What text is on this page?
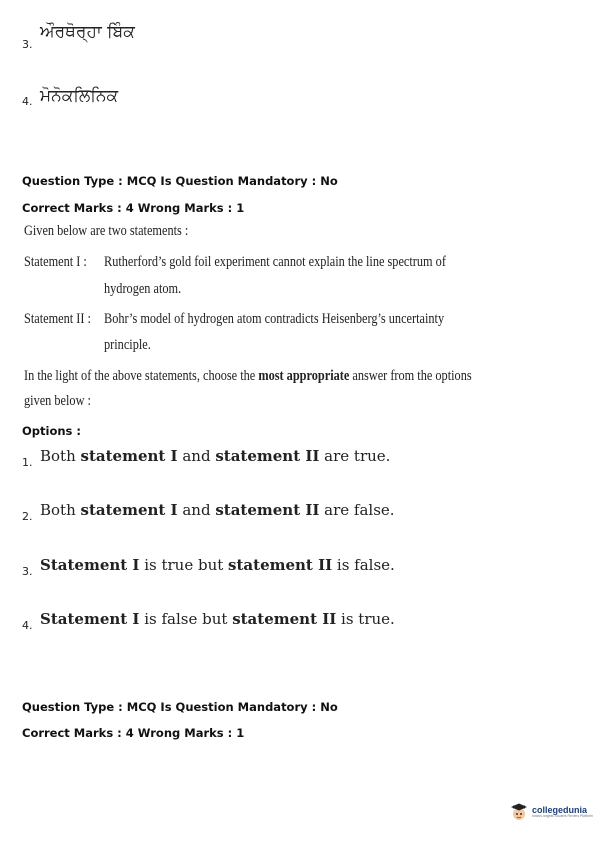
3.
ਔਰਥੋਰ੍ਹਾ ਬਿੰਕ
4. ਮੋਨੋਕਲਿਨਿਕ
Question Type : MCQ Is Question Mandatory : No
Correct Marks : 4 Wrong Marks : 1
Given below are two statements :
Statement I : Rutherford’s gold foil experiment cannot explain the line spectrum of
hydrogen atom.
Statement II : Bohr’s model of hydrogen atom contradicts Heisenberg’s uncertainty
principle.
In the light of the above statements, choose the most appropriate answer from the options
given below :
Options :
1. Both statement I and statement II are true.
2. Both statement I and statement II are false.
3. Statement I is true but statement II is false.
4. Statement I is false but statement II is true.
Question Type : MCQ Is Question Mandatory : No
Correct Marks : 4 Wrong Marks : 1
collegedunia
India's largest Student Review Platform
